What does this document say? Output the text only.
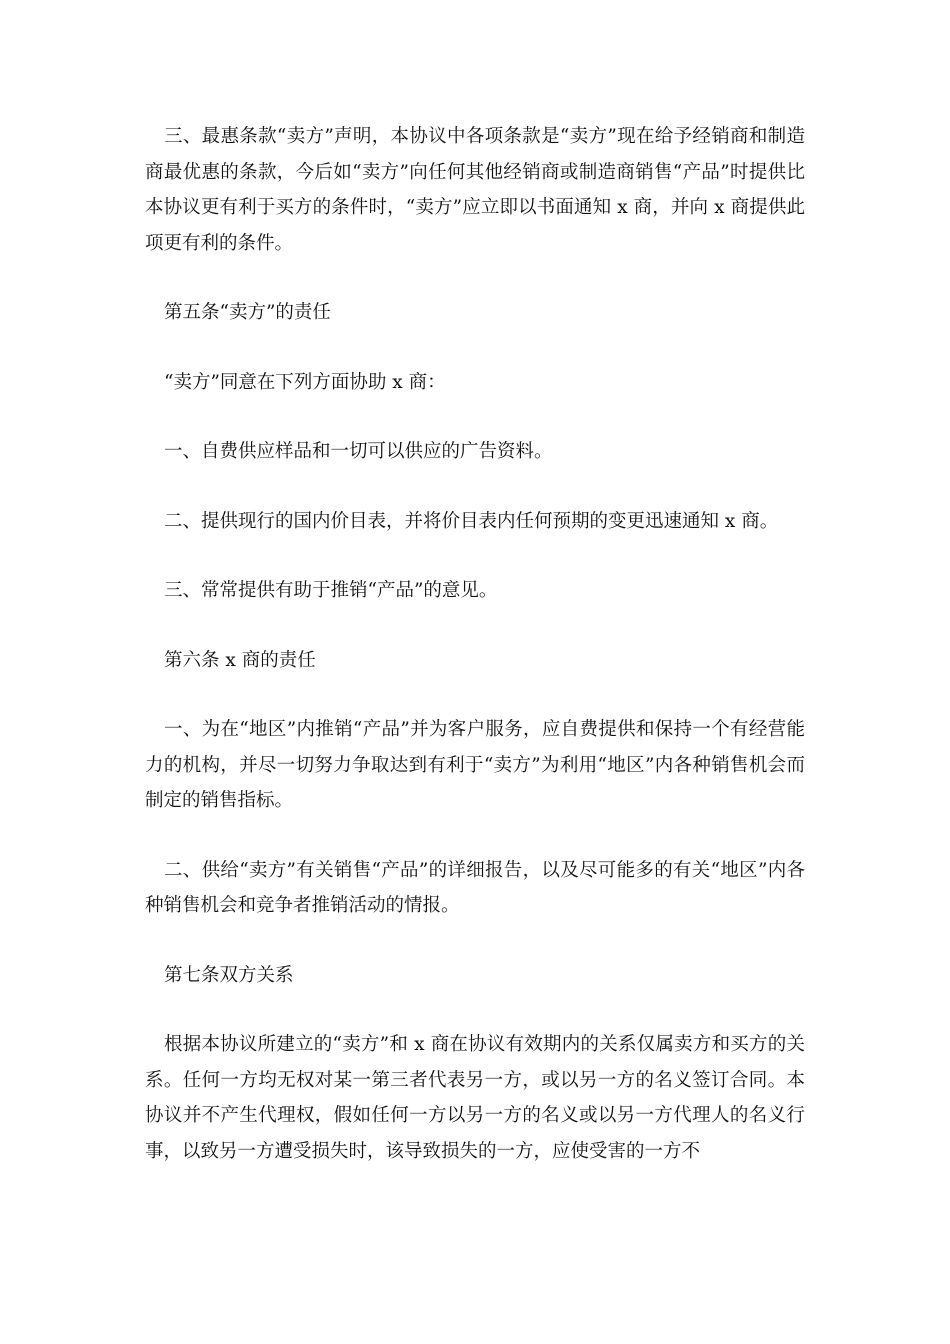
三、最惠条款“卖方”声明，本协议中各项条款是“卖方”现在给予经销商和制造商最优惠的条款，今后如“卖方”向任何其他经销商或制造商销售“产品”时提供比本协议更有利于买方的条件时，“卖方”应立即以书面通知 x 商，并向 x 商提供此项更有利的条件。

第五条“卖方”的责任

“卖方”同意在下列方面协助 x 商：

一、自费供应样品和一切可以供应的广告资料。

二、提供现行的国内价目表，并将价目表内任何预期的变更迅速通知 x 商。

三、常常提供有助于推销“产品”的意见。

第六条 x 商的责任

一、为在“地区”内推销“产品”并为客户服务，应自费提供和保持一个有经营能力的机构，并尽一切努力争取达到有利于“卖方”为利用“地区”内各种销售机会而制定的销售指标。

二、供给“卖方”有关销售“产品”的详细报告，以及尽可能多的有关“地区”内各种销售机会和竞争者推销活动的情报。

第七条双方关系

根据本协议所建立的“卖方”和 x 商在协议有效期内的关系仅属卖方和买方的关系。任何一方均无权对某一第三者代表另一方，或以另一方的名义签订合同。本协议并不产生代理权，假如任何一方以另一方的名义或以另一方代理人的名义行事，以致另一方遭受损失时，该导致损失的一方，应使受害的一方不
